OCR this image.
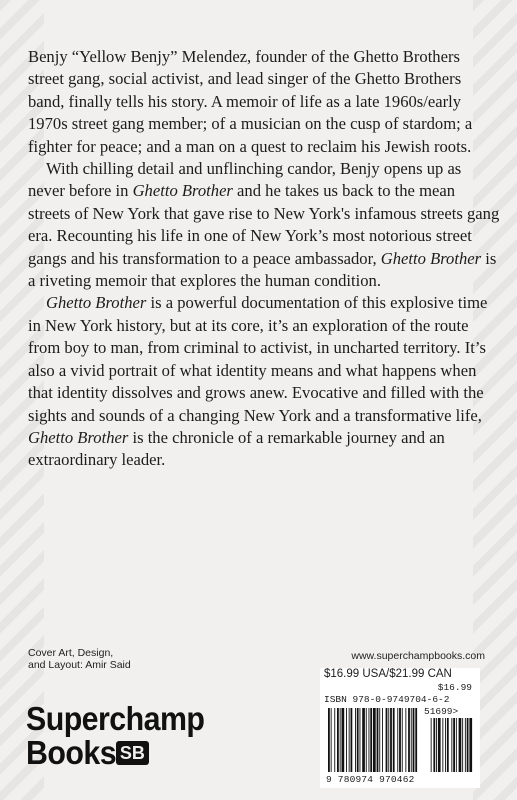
Benjy “Yellow Benjy” Melendez, founder of the Ghetto Brothers street gang, social activist, and lead singer of the Ghetto Brothers band, finally tells his story. A memoir of life as a late 1960s/early 1970s street gang member; of a musician on the cusp of stardom; a fighter for peace; and a man on a quest to reclaim his Jewish roots.

With chilling detail and unflinching candor, Benjy opens up as never before in Ghetto Brother and he takes us back to the mean streets of New York that gave rise to New York's infamous streets gang era. Recounting his life in one of New York’s most notorious street gangs and his transformation to a peace ambassador, Ghetto Brother is a riveting memoir that explores the human condition.

Ghetto Brother is a powerful documentation of this explosive time in New York history, but at its core, it’s an exploration of the route from boy to man, from criminal to activist, in uncharted territory. It’s also a vivid portrait of what identity means and what happens when that identity dissolves and grows anew. Evocative and filled with the sights and sounds of a changing New York and a transformative life, Ghetto Brother is the chronicle of a remarkable journey and an extraordinary leader.

Cover Art, Design,
and Layout: Amir Said
Superchamp
Books SB
www.superchampbooks.com
$16.99 USA/$21.99 CAN
$16.99
ISBN 978-0-9749704-6-2
51699>
9 780974 970462
